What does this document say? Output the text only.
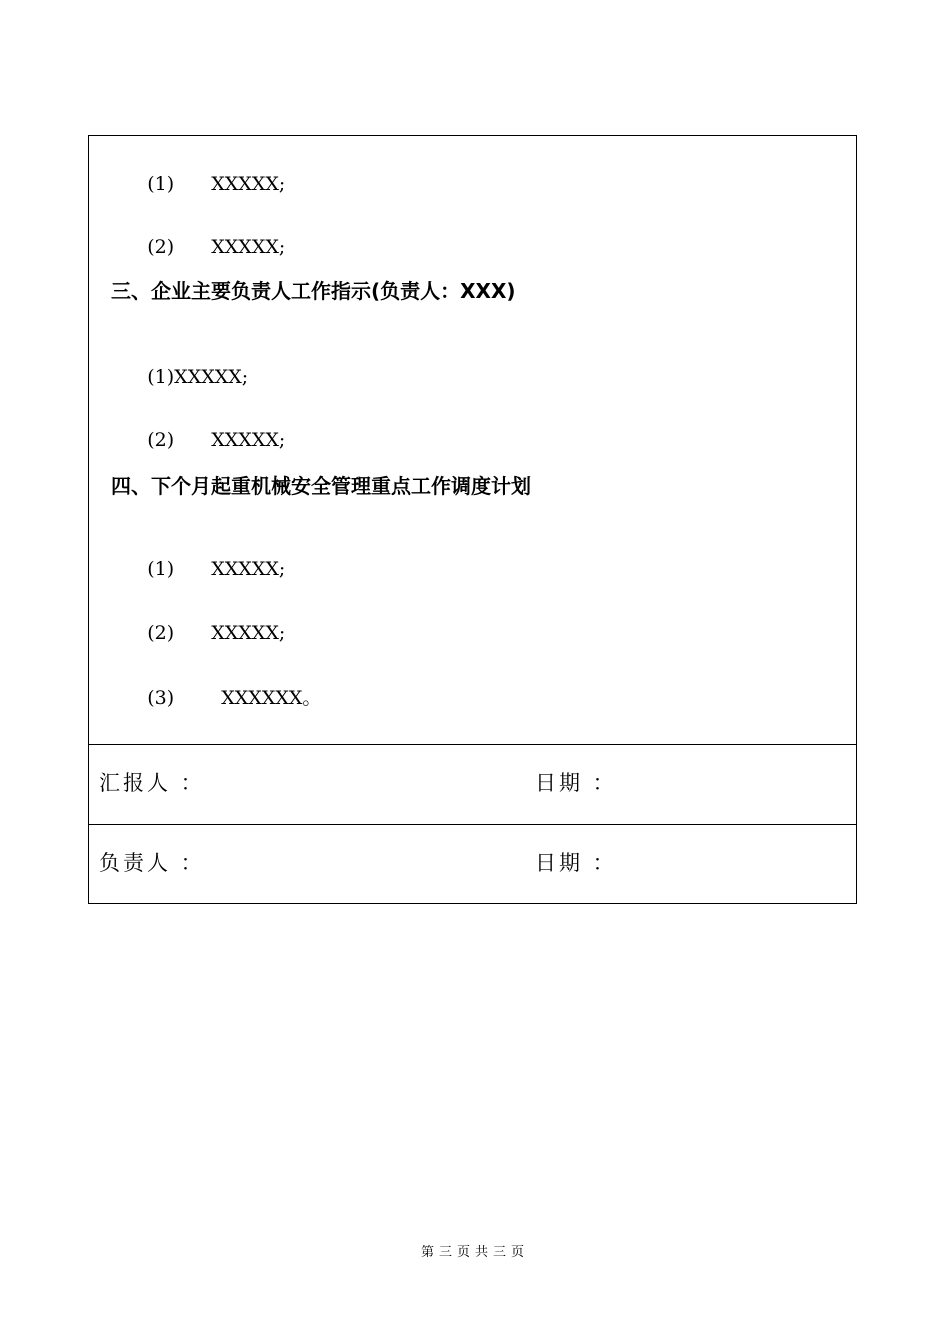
(1) XXXXX;

(2) XXXXX;

三、企业主要负责人工作指示(负责人：XXX)

(1)XXXXX;

(2) XXXXX;

四、下个月起重机械安全管理重点工作调度计划

(1) XXXXX;

(2) XXXXX;

(3) XXXXXX。

汇报人 ：	日期 ：
负责人 ：	日期 ：
第三页共三页
